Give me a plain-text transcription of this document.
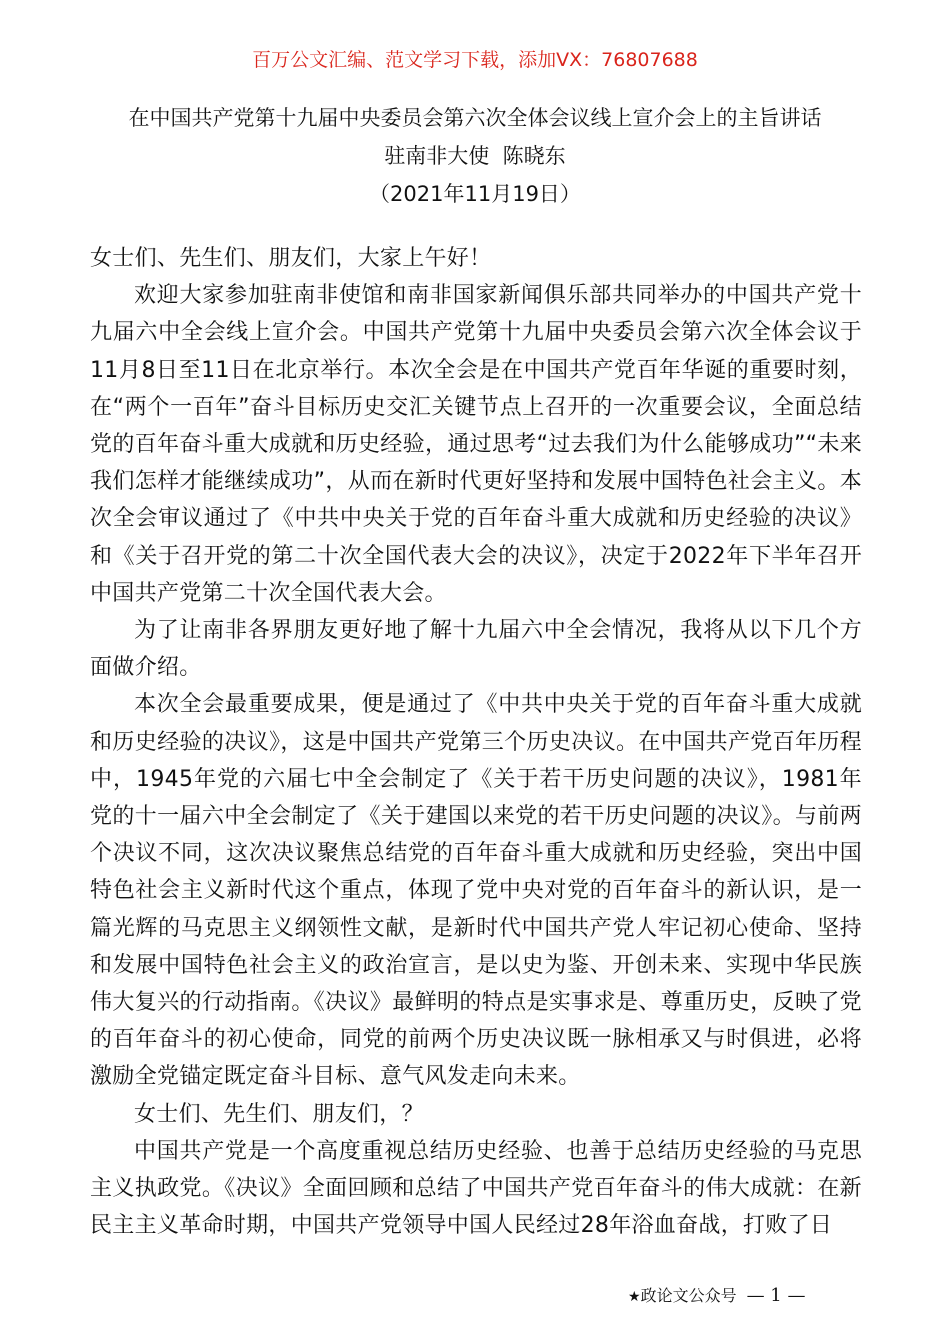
百万公文汇编、范文学习下载，添加VX：76807688
在中国共产党第十九届中央委员会第六次全体会议线上宣介会上的主旨讲话
驻南非大使  陈晓东
（2021年11月19日）

女士们、先生们、朋友们，大家上午好！

欢迎大家参加驻南非使馆和南非国家新闻俱乐部共同举办的中国共产党十九届六中全会线上宣介会。中国共产党第十九届中央委员会第六次全体会议于11月8日至11日在北京举行。本次全会是在中国共产党百年华诞的重要时刻，在“两个一百年”奋斗目标历史交汇关键节点上召开的一次重要会议，全面总结党的百年奋斗重大成就和历史经验，通过思考“过去我们为什么能够成功”“未来我们怎样才能继续成功”，从而在新时代更好坚持和发展中国特色社会主义。本次全会审议通过了《中共中央关于党的百年奋斗重大成就和历史经验的决议》和《关于召开党的第二十次全国代表大会的决议》，决定于2022年下半年召开中国共产党第二十次全国代表大会。

为了让南非各界朋友更好地了解十九届六中全会情况，我将从以下几个方面做介绍。

本次全会最重要成果，便是通过了《中共中央关于党的百年奋斗重大成就和历史经验的决议》，这是中国共产党第三个历史决议。在中国共产党百年历程中，1945年党的六届七中全会制定了《关于若干历史问题的决议》，1981年党的十一届六中全会制定了《关于建国以来党的若干历史问题的决议》。与前两个决议不同，这次决议聚焦总结党的百年奋斗重大成就和历史经验，突出中国特色社会主义新时代这个重点，体现了党中央对党的百年奋斗的新认识，是一篇光辉的马克思主义纲领性文献，是新时代中国共产党人牢记初心使命、坚持和发展中国特色社会主义的政治宣言，是以史为鉴、开创未来、实现中华民族伟大复兴的行动指南。《决议》最鲜明的特点是实事求是、尊重历史，反映了党的百年奋斗的初心使命，同党的前两个历史决议既一脉相承又与时俱进，必将激励全党锚定既定奋斗目标、意气风发走向未来。

女士们、先生们、朋友们，？

中国共产党是一个高度重视总结历史经验、也善于总结历史经验的马克思主义执政党。《决议》全面回顾和总结了中国共产党百年奋斗的伟大成就：在新民主主义革命时期，中国共产党领导中国人民经过28年浴血奋战，打败了日

★政论文公众号 — 1 —
